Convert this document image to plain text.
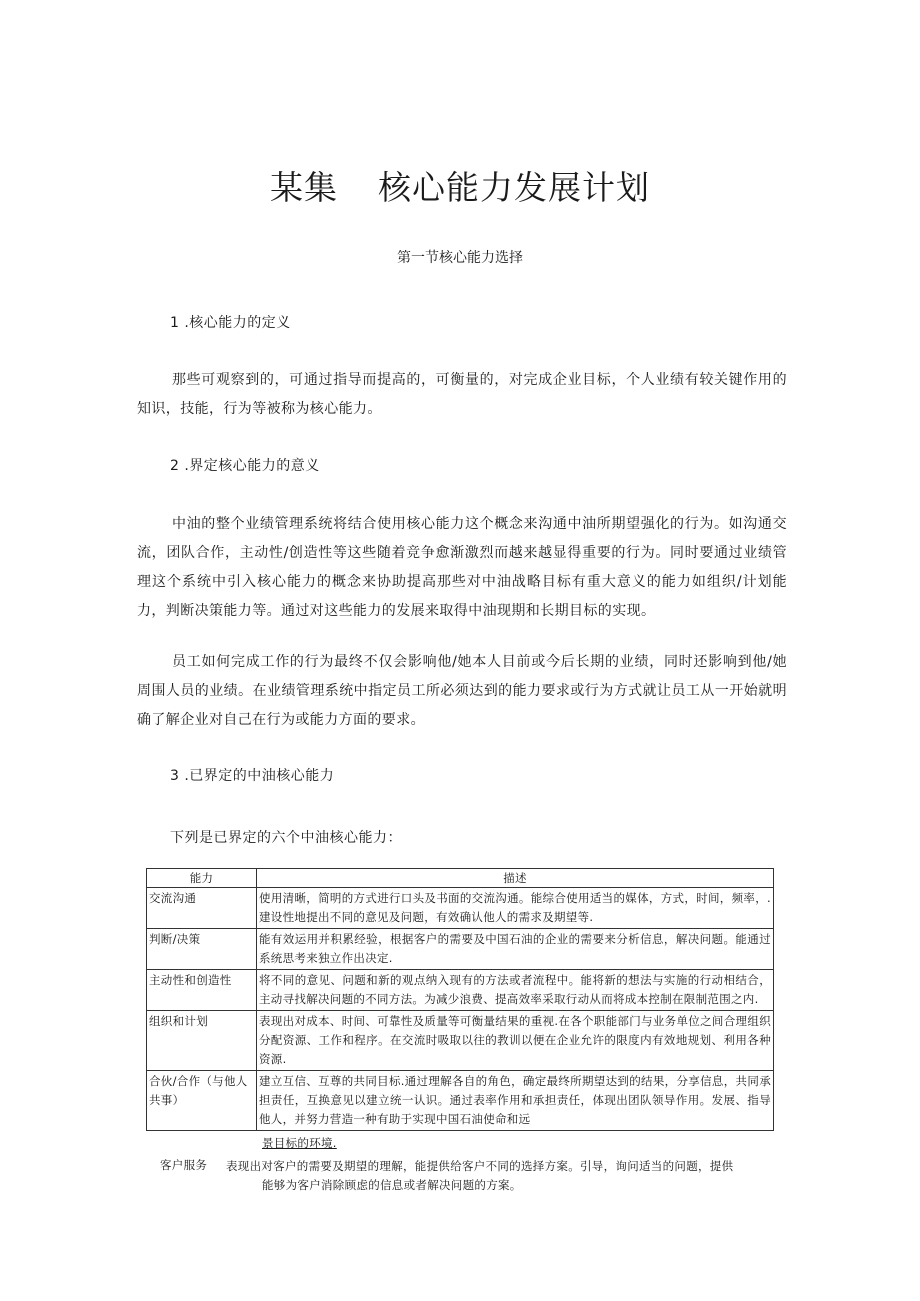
某集 核心能力发展计划
第一节核心能力选择
1 .核心能力的定义
那些可观察到的，可通过指导而提高的，可衡量的，对完成企业目标，个人业绩有较关键作用的知识，技能，行为等被称为核心能力。
2 .界定核心能力的意义
中油的整个业绩管理系统将结合使用核心能力这个概念来沟通中油所期望强化的行为。如沟通交流，团队合作，主动性/创造性等这些随着竞争愈渐激烈而越来越显得重要的行为。同时要通过业绩管理这个系统中引入核心能力的概念来协助提高那些对中油战略目标有重大意义的能力如组织/计划能力，判断决策能力等。通过对这些能力的发展来取得中油现期和长期目标的实现。
员工如何完成工作的行为最终不仅会影响他/她本人目前或今后长期的业绩，同时还影响到他/她周围人员的业绩。在业绩管理系统中指定员工所必须达到的能力要求或行为方式就让员工从一开始就明确了解企业对自己在行为或能力方面的要求。
3 .已界定的中油核心能力
下列是已界定的六个中油核心能力：
能力	描述
交流沟通	使用清晰，简明的方式进行口头及书面的交流沟通。能综合使用适当的媒体，方式，时间，频率，.建设性地提出不同的意见及问题，有效确认他人的需求及期望等.
判断/决策	能有效运用并积累经验，根据客户的需要及中国石油的企业的需要来分析信息，解决问题。能通过系统思考来独立作出决定.
主动性和创造性	将不同的意见、问题和新的观点纳入现有的方法或者流程中。能将新的想法与实施的行动相结合，主动寻找解决问题的不同方法。为减少浪费、提高效率采取行动从而将成本控制在限制范围之内.
组织和计划	表现出对成本、时间、可靠性及质量等可衡量结果的重视.在各个职能部门与业务单位之间合理组织分配资源、工作和程序。在交流时吸取以往的教训以便在企业允许的限度内有效地规划、利用各种资源.
合伙/合作（与他人共事）	建立互信、互尊的共同目标.通过理解各自的角色，确定最终所期望达到的结果，分享信息，共同承担责任，互换意见以建立统一认识。通过表率作用和承担责任，体现出团队领导作用。发展、指导他人，并努力营造一种有助于实现中国石油使命和远
景目标的环境.
客户服务 表现出对客户的需要及期望的理解，能提供给客户不同的选择方案。引导，询问适当的问题，提供
能够为客户消除顾虑的信息或者解决问题的方案。
